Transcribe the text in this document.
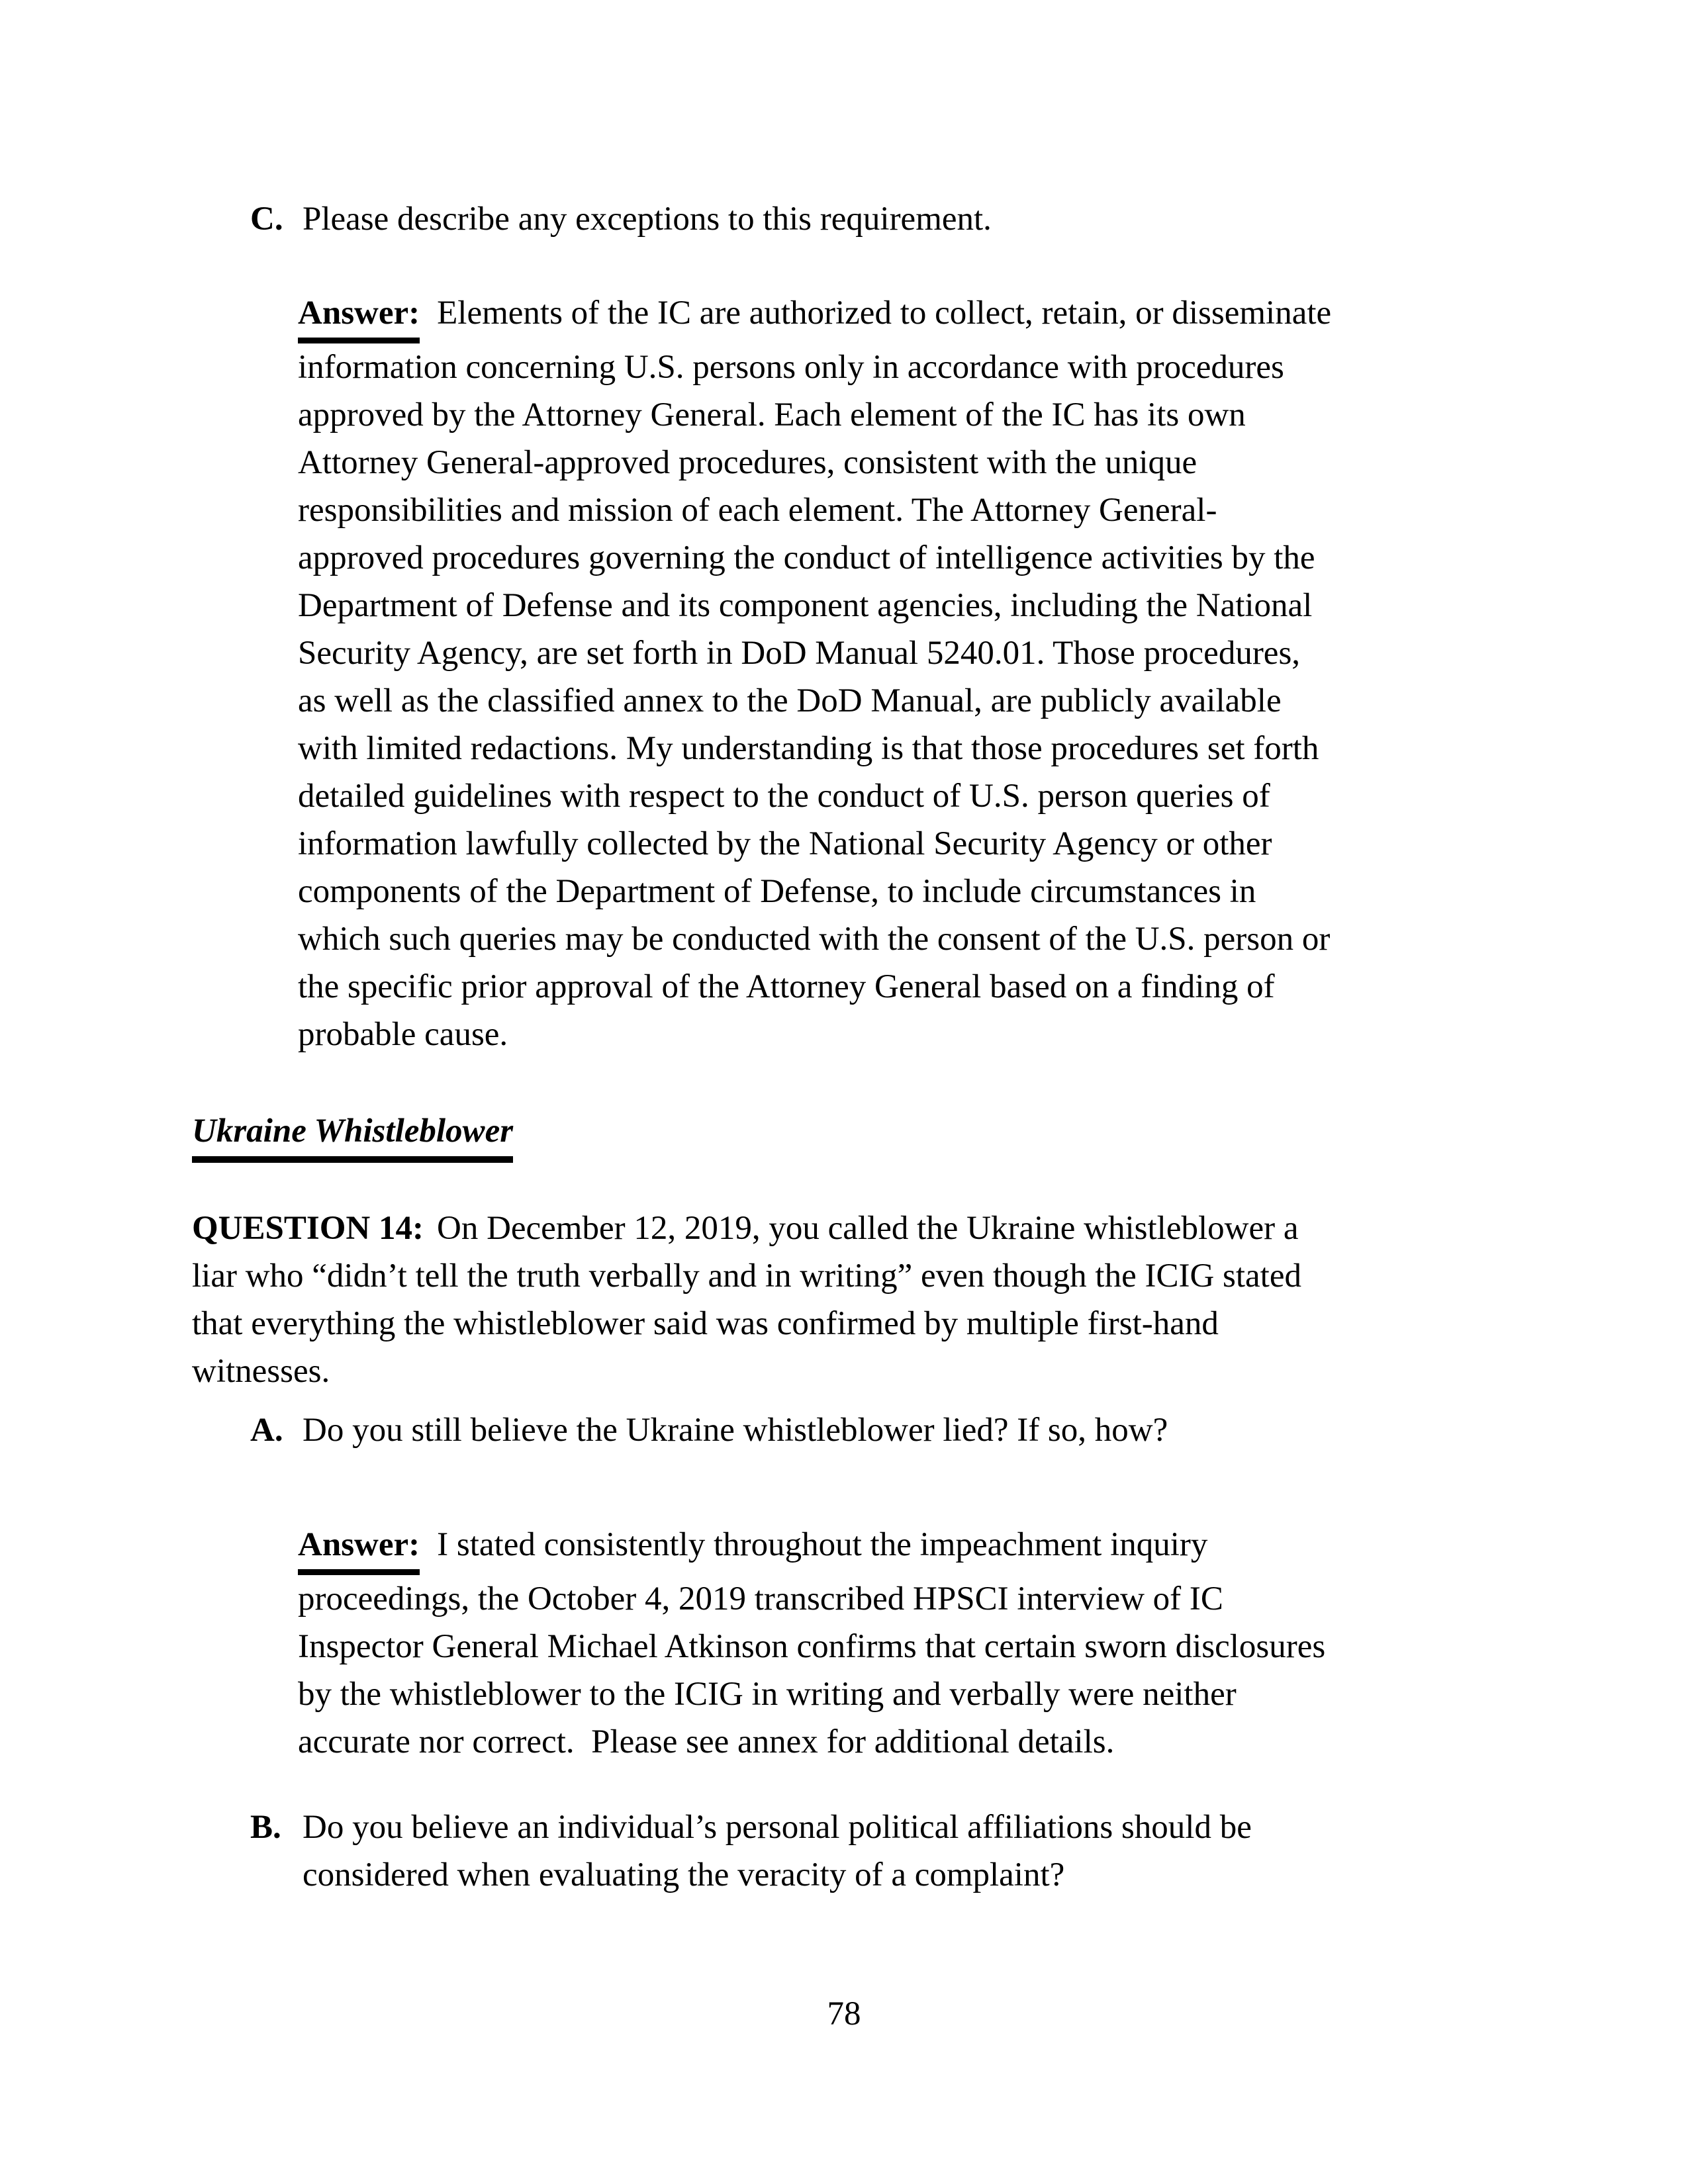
C. Please describe any exceptions to this requirement.
Answer: Elements of the IC are authorized to collect, retain, or disseminate
information concerning U.S. persons only in accordance with procedures
approved by the Attorney General. Each element of the IC has its own
Attorney General-approved procedures, consistent with the unique
responsibilities and mission of each element. The Attorney General-
approved procedures governing the conduct of intelligence activities by the
Department of Defense and its component agencies, including the National
Security Agency, are set forth in DoD Manual 5240.01. Those procedures,
as well as the classified annex to the DoD Manual, are publicly available
with limited redactions. My understanding is that those procedures set forth
detailed guidelines with respect to the conduct of U.S. person queries of
information lawfully collected by the National Security Agency or other
components of the Department of Defense, to include circumstances in
which such queries may be conducted with the consent of the U.S. person or
the specific prior approval of the Attorney General based on a finding of
probable cause.
Ukraine Whistleblower
QUESTION 14: On December 12, 2019, you called the Ukraine whistleblower a
liar who “didn’t tell the truth verbally and in writing” even though the ICIG stated
that everything the whistleblower said was confirmed by multiple first-hand
witnesses.
A. Do you still believe the Ukraine whistleblower lied? If so, how?
Answer: I stated consistently throughout the impeachment inquiry
proceedings, the October 4, 2019 transcribed HPSCI interview of IC
Inspector General Michael Atkinson confirms that certain sworn disclosures
by the whistleblower to the ICIG in writing and verbally were neither
accurate nor correct.  Please see annex for additional details.
B. Do you believe an individual’s personal political affiliations should be
considered when evaluating the veracity of a complaint?
78
